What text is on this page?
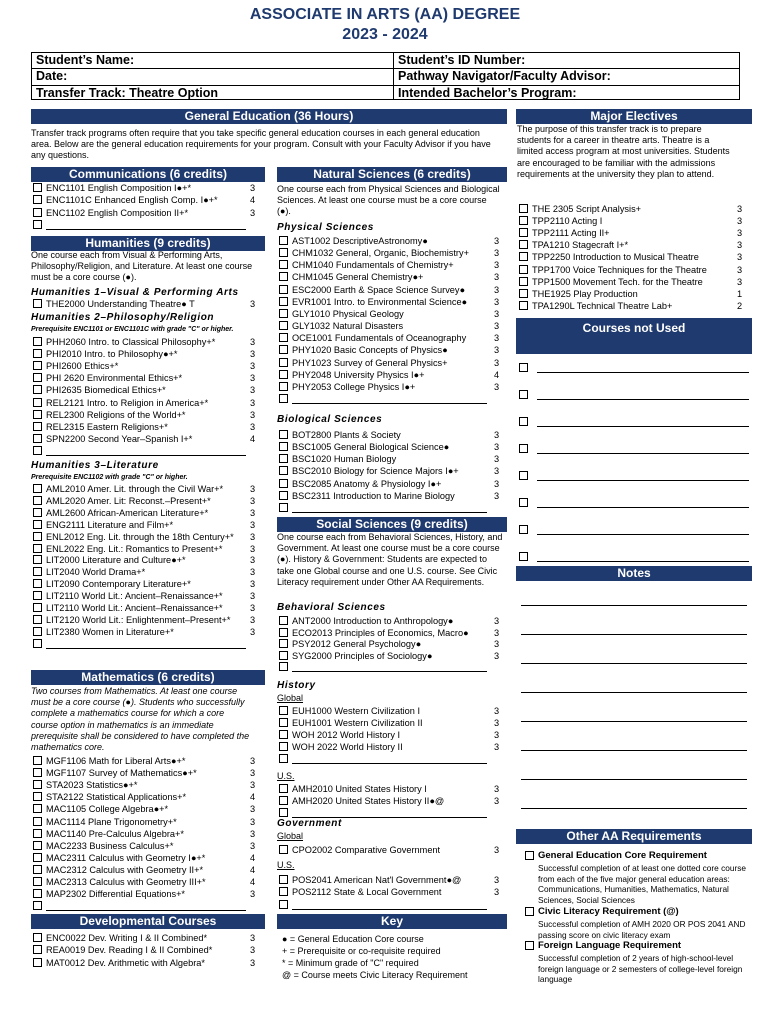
ASSOCIATE IN ARTS (AA) DEGREE
2023 - 2024
Student’s Name:
Date:
Transfer Track: Theatre Option
Student’s ID Number:
Pathway Navigator/Faculty Advisor:
Intended Bachelor’s Program:
General Education (36 Hours)
Transfer track programs often require that you take specific general education courses in each general education area. Below are the general education requirements for your program. Consult with your Faculty Advisor if you have any questions.
Communications (6 credits)
ENC1101 English Composition I●+*	3
ENC1101C Enhanced English Comp. I●+*	4
ENC1102 English Composition II+*	3
Humanities (9 credits)
One course each from Visual & Performing Arts, Philosophy/Religion, and Literature. At least one course must be a core course (●).
Humanities 1–Visual & Performing Arts
THE2000 Understanding Theatre● T	3
Humanities 2–Philosophy/Religion
Prerequisite ENC1101 or ENC1101C with grade "C" or higher.
PHH2060 Intro. to Classical Philosophy+*	3
PHI2010 Intro. to Philosophy●+*	3
PHI2600 Ethics+*	3
PHI 2620 Environmental Ethics+*	3
PHI2635 Biomedical Ethics+*	3
REL2121 Intro. to Religion in America+*	3
REL2300 Religions of the World+*	3
REL2315 Eastern Religions+*	3
SPN2200 Second Year–Spanish I+*	4
Humanities 3–Literature
Prerequisite ENC1102 with grade "C" or higher.
AML2010 Amer. Lit. through the Civil War+*	3
AML2020 Amer. Lit: Reconst.–Present+*	3
AML2600 African-American Literature+*	3
ENG2111 Literature and Film+*	3
ENL2012 Eng. Lit. through the 18th Century+* 3
ENL2022 Eng. Lit.: Romantics to Present+*	3
LIT2000 Literature and Culture●+*	3
LIT2040 World Drama+*	3
LIT2090 Contemporary Literature+*	3
LIT2110 World Lit.: Ancient–Renaissance+*	3
LIT2110 World Lit.: Ancient–Renaissance+*	3
LIT2120 World Lit.: Enlightenment–Present+* 3
LIT2380 Women in Literature+*	3
Mathematics (6 credits)
Two courses from Mathematics. At least one course must be a core course (●). Students who successfully complete a mathematics course for which a core course option in mathematics is an immediate prerequisite shall be considered to have completed the mathematics core.
MGF1106 Math for Liberal Arts●+*	3
MGF1107 Survey of Mathematics●+*	3
STA2023 Statistics●+*	3
STA2122 Statistical Applications+*	4
MAC1105 College Algebra●+*	3
MAC1114 Plane Trigonometry+*	3
MAC1140 Pre-Calculus Algebra+*	3
MAC2233 Business Calculus+*	3
MAC2311 Calculus with Geometry I●+*	4
MAC2312 Calculus with Geometry II+*	4
MAC2313 Calculus with Geometry III+*	4
MAP2302 Differential Equations+*	3
Developmental Courses
ENC0022 Dev. Writing I & II Combined*	3
REA0019 Dev. Reading I & II Combined*	3
MAT0012 Dev. Arithmetic with Algebra*	3
Natural Sciences (6 credits)
One course each from Physical Sciences and Biological Sciences. At least one course must be a core course (●).
Physical Sciences
AST1002 DescriptiveAstronomy●	3
CHM1032 General, Organic, Biochemistry+	3
CHM1040 Fundamentals of Chemistry+	3
CHM1045 General Chemistry●+	3
ESC2000 Earth & Space Science Survey●	3
EVR1001 Intro. to Environmental Science●	3
GLY1010 Physical Geology	3
GLY1032 Natural Disasters	3
OCE1001 Fundamentals of Oceanography	3
PHY1020 Basic Concepts of Physics●	3
PHY1023 Survey of General Physics+	3
PHY2048 University Physics I●+	4
PHY2053 College Physics I●+	3
Biological Sciences
BOT2800 Plants & Society	3
BSC1005 General Biological Science●	3
BSC1020 Human Biology	3
BSC2010 Biology for Science Majors I●+	3
BSC2085 Anatomy & Physiology I●+	3
BSC2311 Introduction to Marine Biology	3
Social Sciences (9 credits)
One course each from Behavioral Sciences, History, and Government. At least one course must be a core course (●). History & Government: Students are expected to take one Global course and one U.S. course. See Civic Literacy requirement under Other AA Requirements.
Behavioral Sciences
ANT2000 Introduction to Anthropology●	3
ECO2013 Principles of Economics, Macro●	3
PSY2012 General Psychology●	3
SYG2000 Principles of Sociology●	3
History
Global
EUH1000 Western Civilization I	3
EUH1001 Western Civilization II	3
WOH 2012 World History I	3
WOH 2022 World History II	3
U.S.
AMH2010 United States History I	3
AMH2020 United States History II●@	3
Government
Global
CPO2002 Comparative Government	3
U.S.
POS2041 American Nat'l Government●@	3
POS2112 State & Local Government	3
Key
● = General Education Core course
+ = Prerequisite or co-requisite required
* = Minimum grade of "C" required
@ = Course meets Civic Literacy Requirement
Major Electives
The purpose of this transfer track is to prepare students for a career in theatre arts. Theatre is a limited access program at most universities. Students are encouraged to be familiar with the admissions requirements at the university they plan to attend.
THE 2305 Script Analysis+	3
TPP2110 Acting I	3
TPP2111 Acting II+	3
TPA1210 Stagecraft I+*	3
TPP2250 Introduction to Musical Theatre	3
TPP1700 Voice Techniques for the Theatre	3
TPP1500 Movement Tech. for the Theatre	3
THE1925 Play Production	1
TPA1290L Technical Theatre Lab+	2
Courses not Used
Notes
Other AA Requirements
General Education Core Requirement
Successful completion of at least one dotted core course from each of the five major general education areas: Communications, Humanities, Mathematics, Natural Sciences, Social Sciences
Civic Literacy Requirement (@)
Successful completion of AMH 2020 OR POS 2041 AND passing score on civic literacy exam
Foreign Language Requirement
Successful completion of 2 years of high-school-level foreign language or 2 semesters of college-level foreign language
